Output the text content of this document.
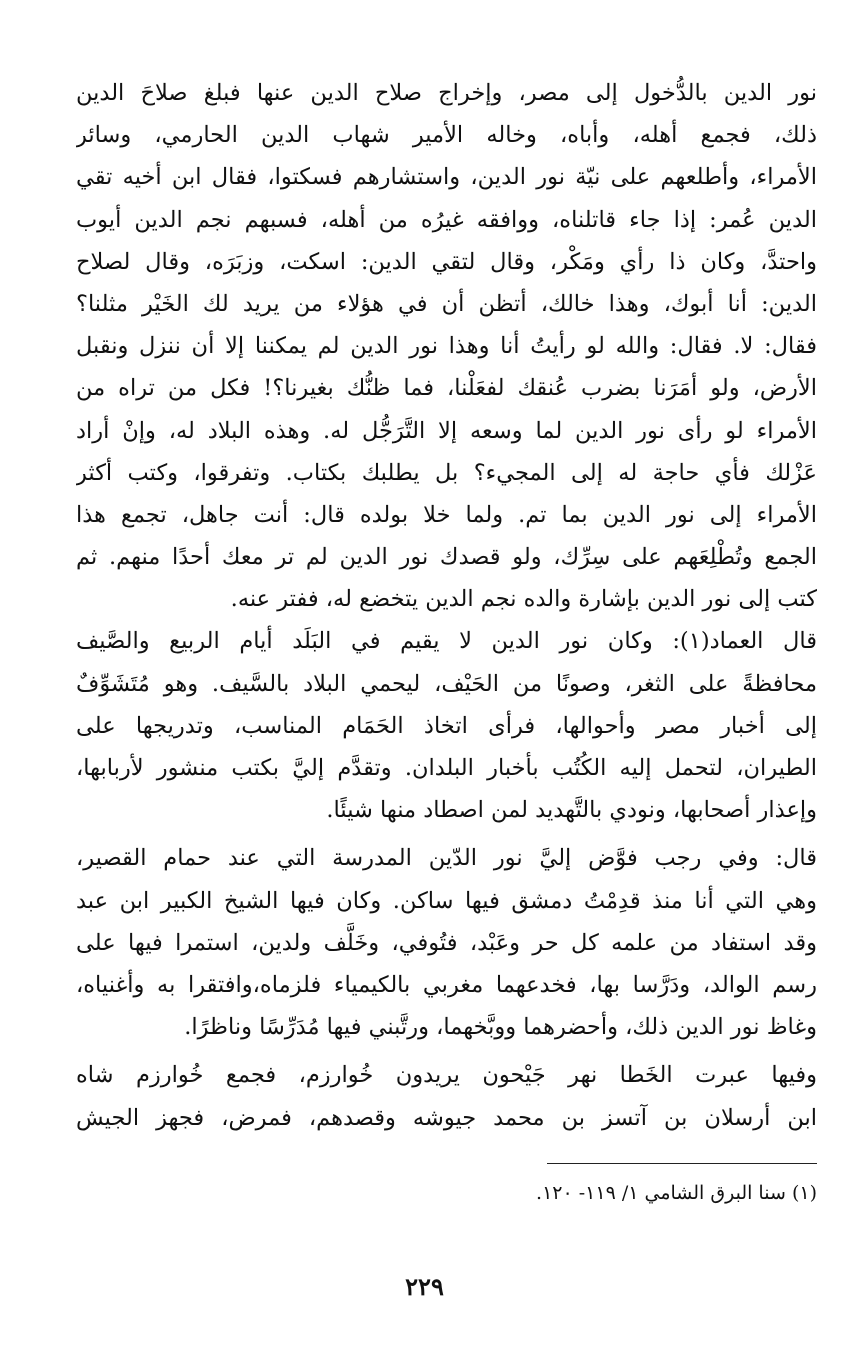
نور الدين بالدُّخول إلى مصر، وإخراج صلاح الدين عنها فبلغ صلاحَ الدين
ذلك، فجمع أهله، وأباه، وخاله الأمير شهاب الدين الحارمي، وسائر
الأمراء، وأطلعهم على نيّة نور الدين، واستشارهم فسكتوا، فقال ابن أخيه تقي
الدين عُمر: إذا جاء قاتلناه، ووافقه غيرُه من أهله، فسبهم نجم الدين أيوب
واحتدَّ، وكان ذا رأي ومَكْر، وقال لتقي الدين: اسكت، وزبَرَه، وقال لصلاح
الدين: أنا أبوك، وهذا خالك، أتظن أن في هؤلاء من يريد لك الخَيْر مثلنا؟
فقال: لا. فقال: والله لو رأيتُ أنا وهذا نور الدين لم يمكننا إلا أن ننزل ونقبل
الأرض، ولو أمَرَنا بضرب عُنقك لفعَلْنا، فما ظنُّك بغيرنا؟! فكل من تراه من
الأمراء لو رأى نور الدين لما وسعه إلا التَّرَجُّل له. وهذه البلاد له، وإنْ أراد
عَزْلك فأي حاجة له إلى المجيء؟ بل يطلبك بكتاب. وتفرقوا، وكتب أكثر
الأمراء إلى نور الدين بما تم. ولما خلا بولده قال: أنت جاهل، تجمع هذا
الجمع وتُطْلِعَهم على سِرِّك، ولو قصدك نور الدين لم تر معك أحدًا منهم. ثم
كتب إلى نور الدين بإشارة والده نجم الدين يتخضع له، ففتر عنه.
قال العماد(١): وكان نور الدين لا يقيم في البَلَد أيام الربيع والصَّيف
محافظةً على الثغر، وصونًا من الحَيْف، ليحمي البلاد بالسَّيف. وهو مُتَشَوِّفٌ
إلى أخبار مصر وأحوالها، فرأى اتخاذ الحَمَام المناسب، وتدريجها على
الطيران، لتحمل إليه الكُتُب بأخبار البلدان. وتقدَّم إليَّ بكتب منشور لأربابها،
وإعذار أصحابها، ونودي بالتَّهديد لمن اصطاد منها شيئًا.
قال: وفي رجب فوَّض إليَّ نور الدّين المدرسة التي عند حمام القصير،
وهي التي أنا منذ قدِمْتُ دمشق فيها ساكن. وكان فيها الشيخ الكبير ابن عبد
وقد استفاد من علمه كل حر وعَبْد، فتُوفي، وخَلَّف ولدين، استمرا فيها على
رسم الوالد، ودَرَّسا بها، فخدعهما مغربي بالكيمياء فلزماه،وافتقرا به وأغنياه،
وغاظ نور الدين ذلك، وأحضرهما ووبَّخهما، ورتَّبني فيها مُدَرِّسًا وناظرًا.
وفيها عبرت الخَطا نهر جَيْحون يريدون خُوارزم، فجمع خُوارزم شاه
ابن أرسلان بن آتسز بن محمد جيوشه وقصدهم، فمرض، فجهز الجيش
(١) سنا البرق الشامي ١/ ١١٩- ١٢٠.
٢٢٩
